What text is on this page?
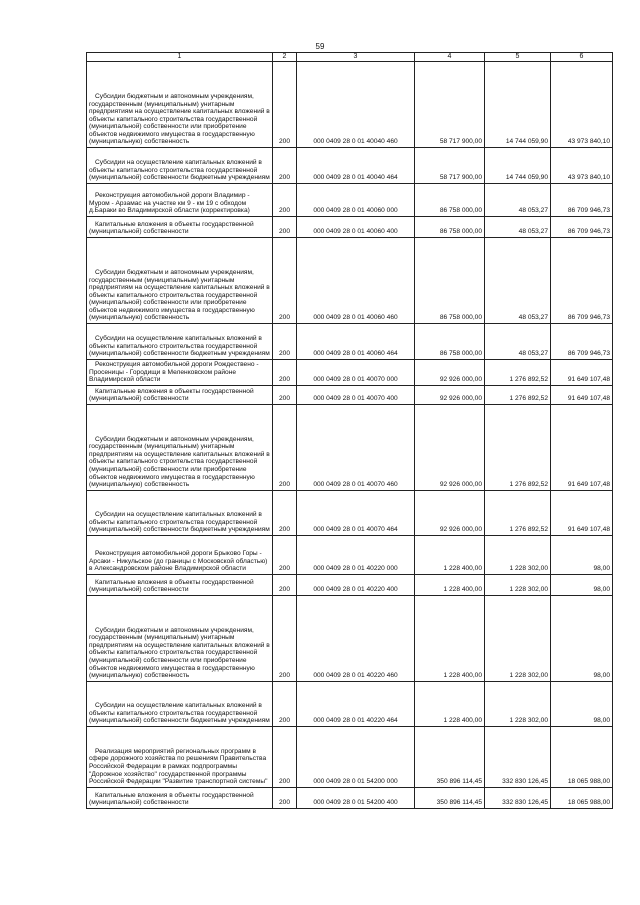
59
1	2	3	4	5	6
Субсидии бюджетным и автономным учреждениям, государственным (муниципальным) унитарным предприятиям на осуществление капитальных вложений в объекты капитального строительства государственной (муниципальной) собственности или приобретение объектов недвижимого имущества в государственную (муниципальную) собственность	200	000 0409 28 0 01 40040 460	58 717 900,00	14 744 059,90	43 973 840,10
Субсидии на осуществление капитальных вложений в объекты капитального строительства государственной (муниципальной) собственности бюджетным учреждениям	200	000 0409 28 0 01 40040 464	58 717 900,00	14 744 059,90	43 973 840,10
Реконструкция автомобильной дороги Владимир - Муром - Арзамас на участке км 9 - км 19 с обходом д.Бараки во Владимирской области (корректировка)	200	000 0409 28 0 01 40060 000	86 758 000,00	48 053,27	86 709 946,73
Капитальные вложения в объекты государственной (муниципальной) собственности	200	000 0409 28 0 01 40060 400	86 758 000,00	48 053,27	86 709 946,73
Субсидии бюджетным и автономным учреждениям, государственным (муниципальным) унитарным предприятиям на осуществление капитальных вложений в объекты капитального строительства государственной (муниципальной) собственности или приобретение объектов недвижимого имущества в государственную (муниципальную) собственность	200	000 0409 28 0 01 40060 460	86 758 000,00	48 053,27	86 709 946,73
Субсидии на осуществление капитальных вложений в объекты капитального строительства государственной (муниципальной) собственности бюджетным учреждениям	200	000 0409 28 0 01 40060 464	86 758 000,00	48 053,27	86 709 946,73
Реконструкция автомобильной дороги Рождествено - Просеницы - Городищи в Меленковском районе Владимирской области	200	000 0409 28 0 01 40070 000	92 926 000,00	1 276 892,52	91 649 107,48
Капитальные вложения в объекты государственной (муниципальной) собственности	200	000 0409 28 0 01 40070 400	92 926 000,00	1 276 892,52	91 649 107,48
Субсидии бюджетным и автономным учреждениям, государственным (муниципальным) унитарным предприятиям на осуществление капитальных вложений в объекты капитального строительства государственной (муниципальной) собственности или приобретение объектов недвижимого имущества в государственную (муниципальную) собственность	200	000 0409 28 0 01 40070 460	92 926 000,00	1 276 892,52	91 649 107,48
Субсидии на осуществление капитальных вложений в объекты капитального строительства государственной (муниципальной) собственности бюджетным учреждениям	200	000 0409 28 0 01 40070 464	92 926 000,00	1 276 892,52	91 649 107,48
Реконструкция автомобильной дороги Брыково Горы - Арсаки - Никульское (до границы с Московской областью) в Александровском районе Владимирской области	200	000 0409 28 0 01 40220 000	1 228 400,00	1 228 302,00	98,00
Капитальные вложения в объекты государственной (муниципальной) собственности	200	000 0409 28 0 01 40220 400	1 228 400,00	1 228 302,00	98,00
Субсидии бюджетным и автономным учреждениям, государственным (муниципальным) унитарным предприятиям на осуществление капитальных вложений в объекты капитального строительства государственной (муниципальной) собственности или приобретение объектов недвижимого имущества в государственную (муниципальную) собственность	200	000 0409 28 0 01 40220 460	1 228 400,00	1 228 302,00	98,00
Субсидии на осуществление капитальных вложений в объекты капитального строительства государственной (муниципальной) собственности бюджетным учреждениям	200	000 0409 28 0 01 40220 464	1 228 400,00	1 228 302,00	98,00
Реализация мероприятий региональных программ в сфере дорожного хозяйства по решениям Правительства Российской Федерации в рамках подпрограммы "Дорожное хозяйство" государственной программы Российской Федерации "Развитие транспортной системы"	200	000 0409 28 0 01 54200 000	350 896 114,45	332 830 126,45	18 065 988,00
Капитальные вложения в объекты государственной (муниципальной) собственности	200	000 0409 28 0 01 54200 400	350 896 114,45	332 830 126,45	18 065 988,00
